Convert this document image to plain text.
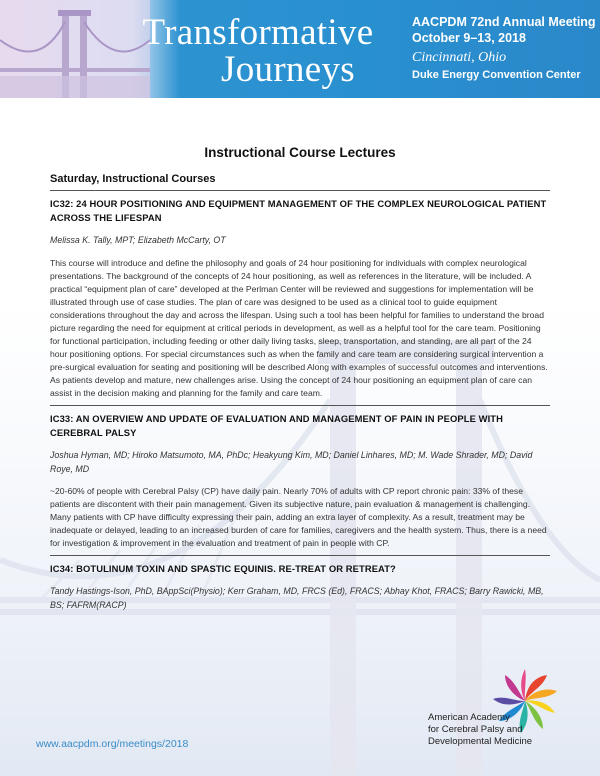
Transformative
Journeys
AACPDM 72nd Annual Meeting
October 9–13, 2018
Cincinnati, Ohio
Duke Energy Convention Center
Instructional Course Lectures
Saturday, Instructional Courses
IC32: 24 HOUR POSITIONING AND EQUIPMENT MANAGEMENT OF THE COMPLEX NEUROLOGICAL PATIENT ACROSS THE LIFESPAN
Melissa K. Tally, MPT; Elizabeth McCarty, OT
This course will introduce and define the philosophy and goals of 24 hour positioning for individuals with complex neurological presentations. The background of the concepts of 24 hour positioning, as well as references in the literature, will be included. A practical “equipment plan of care” developed at the Perlman Center will be reviewed and suggestions for implementation will be illustrated through use of case studies. The plan of care was designed to be used as a clinical tool to guide equipment considerations throughout the day and across the lifespan. Using such a tool has been helpful for families to understand the broad picture regarding the need for equipment at critical periods in development, as well as a helpful tool for the care team. Positioning for functional participation, including feeding or other daily living tasks, sleep, transportation, and standing, are all part of the 24 hour positioning options. For special circumstances such as when the family and care team are considering surgical intervention a pre-surgical evaluation for seating and positioning will be described Along with examples of successful outcomes and interventions. As patients develop and mature, new challenges arise. Using the concept of 24 hour positioning an equipment plan of care can assist in the decision making and planning for the family and care team.
IC33: AN OVERVIEW AND UPDATE OF EVALUATION AND MANAGEMENT OF PAIN IN PEOPLE WITH CEREBRAL PALSY
Joshua Hyman, MD; Hiroko Matsumoto, MA, PhDc; Heakyung Kim, MD; Daniel Linhares, MD; M. Wade Shrader, MD; David Roye, MD
~20-60% of people with Cerebral Palsy (CP) have daily pain. Nearly 70% of adults with CP report chronic pain: 33% of these patients are discontent with their pain management. Given its subjective nature, pain evaluation & management is challenging. Many patients with CP have difficulty expressing their pain, adding an extra layer of complexity. As a result, treatment may be inadequate or delayed, leading to an increased burden of care for families, caregivers and the health system. Thus, there is a need for investigation & improvement in the evaluation and treatment of pain in people with CP.
IC34: BOTULINUM TOXIN AND SPASTIC EQUINIS. RE-TREAT OR RETREAT?
Tandy Hastings-Ison, PhD, BAppSci(Physio); Kerr Graham, MD, FRCS (Ed), FRACS; Abhay Khot, FRACS; Barry Rawicki, MB, BS; FAFRM(RACP)
www.aacpdm.org/meetings/2018
American Academy
for Cerebral Palsy and
Developmental Medicine
